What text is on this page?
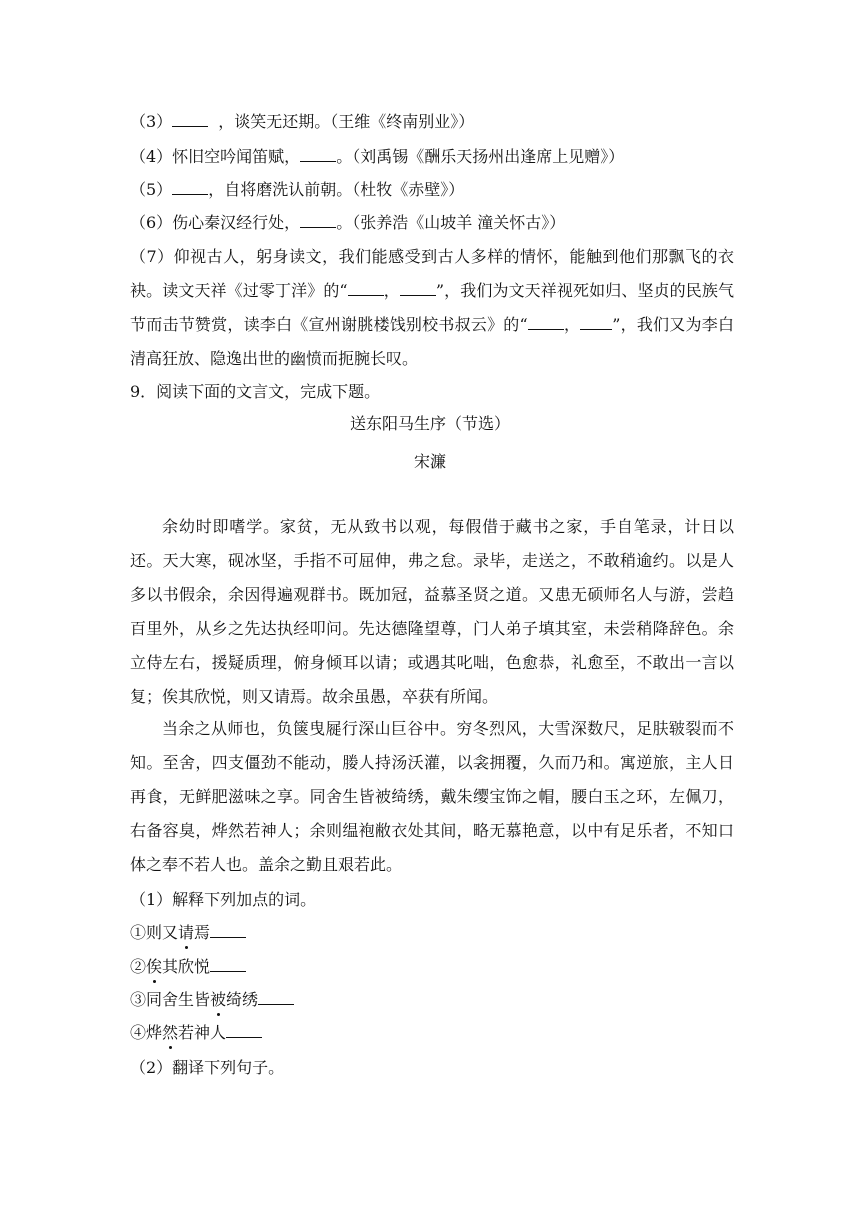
（3）	，谈笑无还期。（王维《终南别业》）
（4）怀旧空吟闻笛赋， 。（刘禹锡《酬乐天扬州出逢席上见赠》）
（5） ，自将磨洗认前朝。（杜牧《赤壁》）
（6）伤心秦汉经行处， 。（张养浩《山坡羊 潼关怀古》）
（7）仰视古人，躬身读文，我们能感受到古人多样的情怀，能触到他们那飘飞的衣袂。读文天祥《过零丁洋》的“ ， ”，我们为文天祥视死如归、坚贞的民族气节而击节赞赏，读李白《宣州谢朓楼饯别校书叔云》的“ ， ”，我们又为李白清高狂放、隐逸出世的幽愤而扼腕长叹。
9．阅读下面的文言文，完成下题。
送东阳马生序（节选）
宋濂
余幼时即嗜学。家贫，无从致书以观，每假借于藏书之家，手自笔录，计日以还。天大寒，砚冰坚，手指不可屈伸，弗之怠。录毕，走送之，不敢稍逾约。以是人多以书假余，余因得遍观群书。既加冠，益慕圣贤之道。又患无硕师名人与游，尝趋百里外，从乡之先达执经叩问。先达德隆望尊，门人弟子填其室，未尝稍降辞色。余立侍左右，援疑质理，俯身倾耳以请；或遇其叱咄，色愈恭，礼愈至，不敢出一言以复；俟其欣悦，则又请焉。故余虽愚，卒获有所闻。
当余之从师也，负箧曳屣行深山巨谷中。穷冬烈风，大雪深数尺，足肤皲裂而不知。至舍，四支僵劲不能动，媵人持汤沃灌，以衾拥覆，久而乃和。寓逆旅，主人日再食，无鲜肥滋味之享。同舍生皆被绮绣，戴朱缨宝饰之帽，腰白玉之环，左佩刀，右备容臭，烨然若神人；余则缊袍敝衣处其间，略无慕艳意，以中有足乐者，不知口体之奉不若人也。盖余之勤且艰若此。
（1）解释下列加点的词。
①则又请焉
②俟其欣悦
③同舍生皆被绮绣
④烨然若神人
（2）翻译下列句子。
